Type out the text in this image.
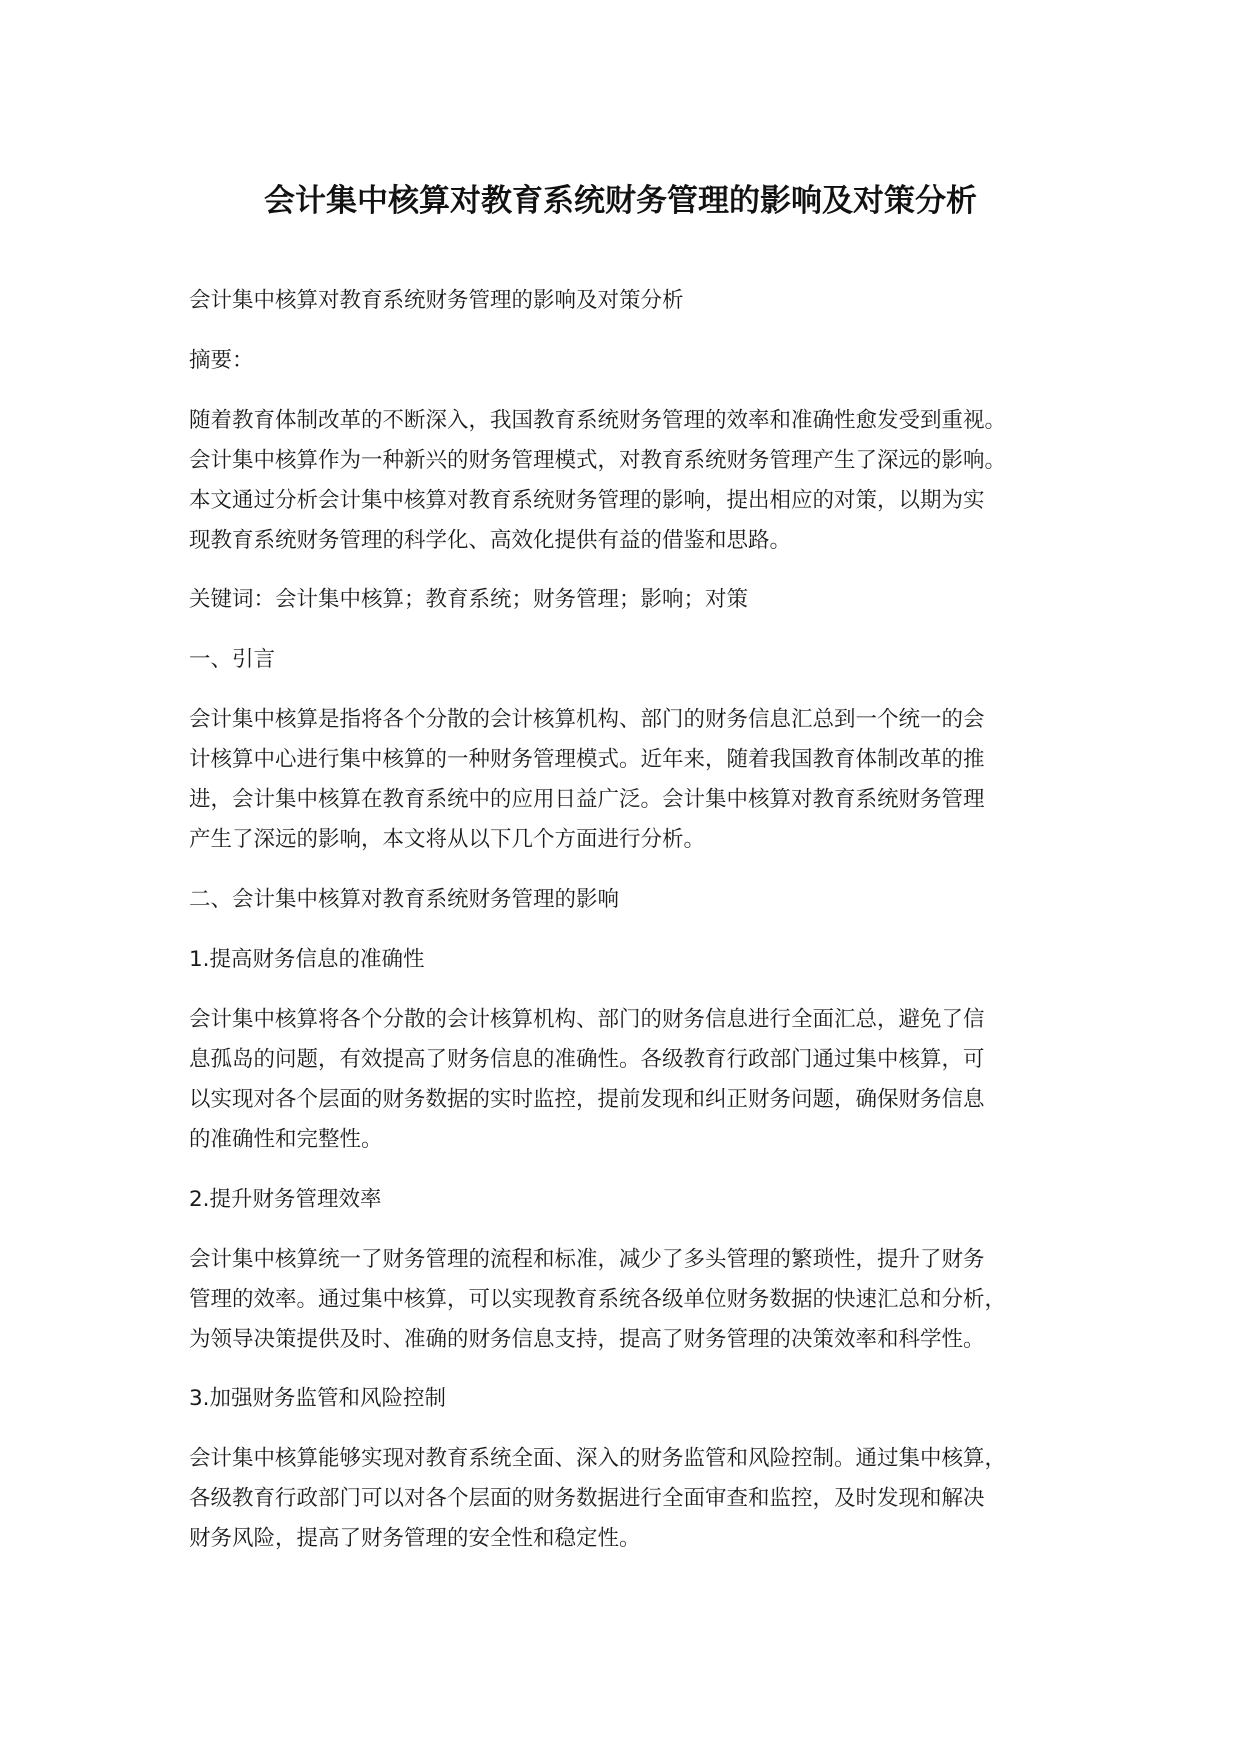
会计集中核算对教育系统财务管理的影响及对策分析

会计集中核算对教育系统财务管理的影响及对策分析

摘要：

随着教育体制改革的不断深入，我国教育系统财务管理的效率和准确性愈发受到重视。
会计集中核算作为一种新兴的财务管理模式，对教育系统财务管理产生了深远的影响。
本文通过分析会计集中核算对教育系统财务管理的影响，提出相应的对策，以期为实
现教育系统财务管理的科学化、高效化提供有益的借鉴和思路。

关键词：会计集中核算；教育系统；财务管理；影响；对策

一、引言

会计集中核算是指将各个分散的会计核算机构、部门的财务信息汇总到一个统一的会
计核算中心进行集中核算的一种财务管理模式。近年来，随着我国教育体制改革的推
进，会计集中核算在教育系统中的应用日益广泛。会计集中核算对教育系统财务管理
产生了深远的影响，本文将从以下几个方面进行分析。

二、会计集中核算对教育系统财务管理的影响

1.提高财务信息的准确性

会计集中核算将各个分散的会计核算机构、部门的财务信息进行全面汇总，避免了信
息孤岛的问题，有效提高了财务信息的准确性。各级教育行政部门通过集中核算，可
以实现对各个层面的财务数据的实时监控，提前发现和纠正财务问题，确保财务信息
的准确性和完整性。

2.提升财务管理效率

会计集中核算统一了财务管理的流程和标准，减少了多头管理的繁琐性，提升了财务
管理的效率。通过集中核算，可以实现教育系统各级单位财务数据的快速汇总和分析，
为领导决策提供及时、准确的财务信息支持，提高了财务管理的决策效率和科学性。

3.加强财务监管和风险控制

会计集中核算能够实现对教育系统全面、深入的财务监管和风险控制。通过集中核算，
各级教育行政部门可以对各个层面的财务数据进行全面审查和监控，及时发现和解决
财务风险，提高了财务管理的安全性和稳定性。
